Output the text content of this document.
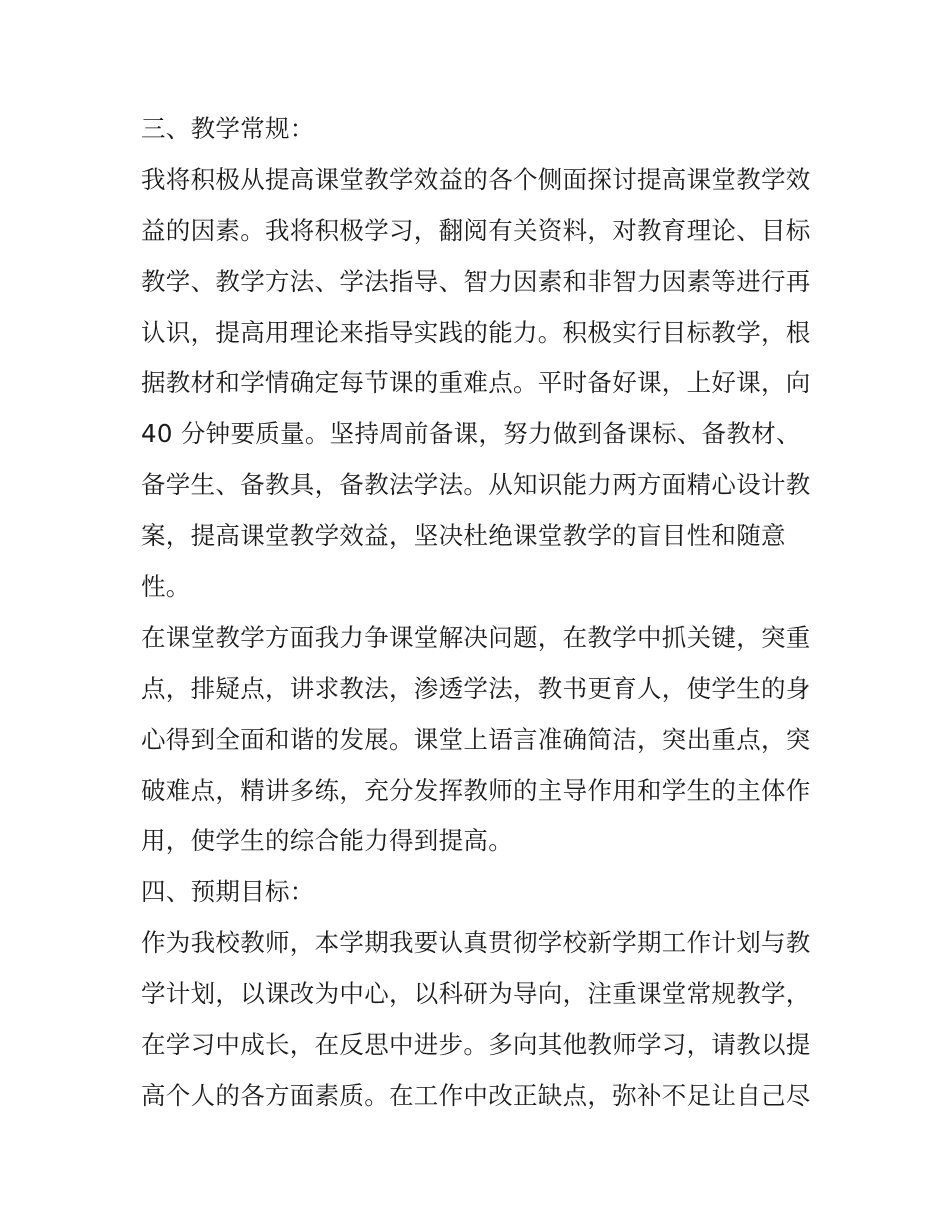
三、教学常规：
我将积极从提高课堂教学效益的各个侧面探讨提高课堂教学效
益的因素。我将积极学习，翻阅有关资料，对教育理论、目标
教学、教学方法、学法指导、智力因素和非智力因素等进行再
认识，提高用理论来指导实践的能力。积极实行目标教学，根
据教材和学情确定每节课的重难点。平时备好课，上好课，向
40 分钟要质量。坚持周前备课，努力做到备课标、备教材、
备学生、备教具，备教法学法。从知识能力两方面精心设计教
案，提高课堂教学效益，坚决杜绝课堂教学的盲目性和随意
性。
在课堂教学方面我力争课堂解决问题，在教学中抓关键，突重
点，排疑点，讲求教法，渗透学法，教书更育人，使学生的身
心得到全面和谐的发展。课堂上语言准确简洁，突出重点，突
破难点，精讲多练，充分发挥教师的主导作用和学生的主体作
用，使学生的综合能力得到提高。
四、预期目标：
作为我校教师，本学期我要认真贯彻学校新学期工作计划与教
学计划，以课改为中心，以科研为导向，注重课堂常规教学，
在学习中成长，在反思中进步。多向其他教师学习，请教以提
高个人的各方面素质。在工作中改正缺点，弥补不足让自己尽
